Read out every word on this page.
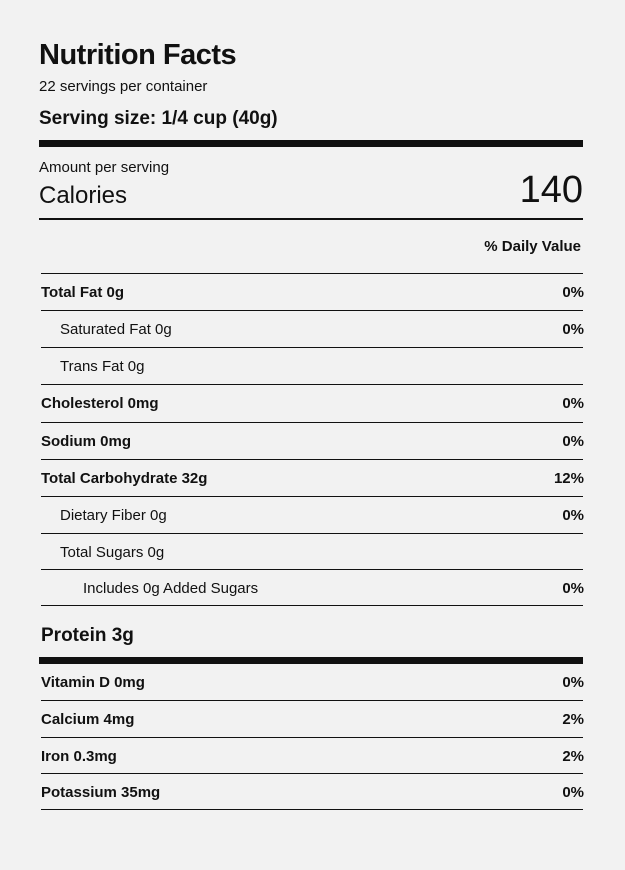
Nutrition Facts
22 servings per container
Serving size: 1/4 cup (40g)
Amount per serving
Calories	140
% Daily Value
Total Fat 0g	0%
Saturated Fat 0g	0%
Trans Fat 0g
Cholesterol 0mg	0%
Sodium 0mg	0%
Total Carbohydrate 32g	12%
Dietary Fiber 0g	0%
Total Sugars 0g
Includes 0g Added Sugars	0%
Protein 3g
Vitamin D 0mg	0%
Calcium 4mg	2%
Iron 0.3mg	2%
Potassium 35mg	0%
